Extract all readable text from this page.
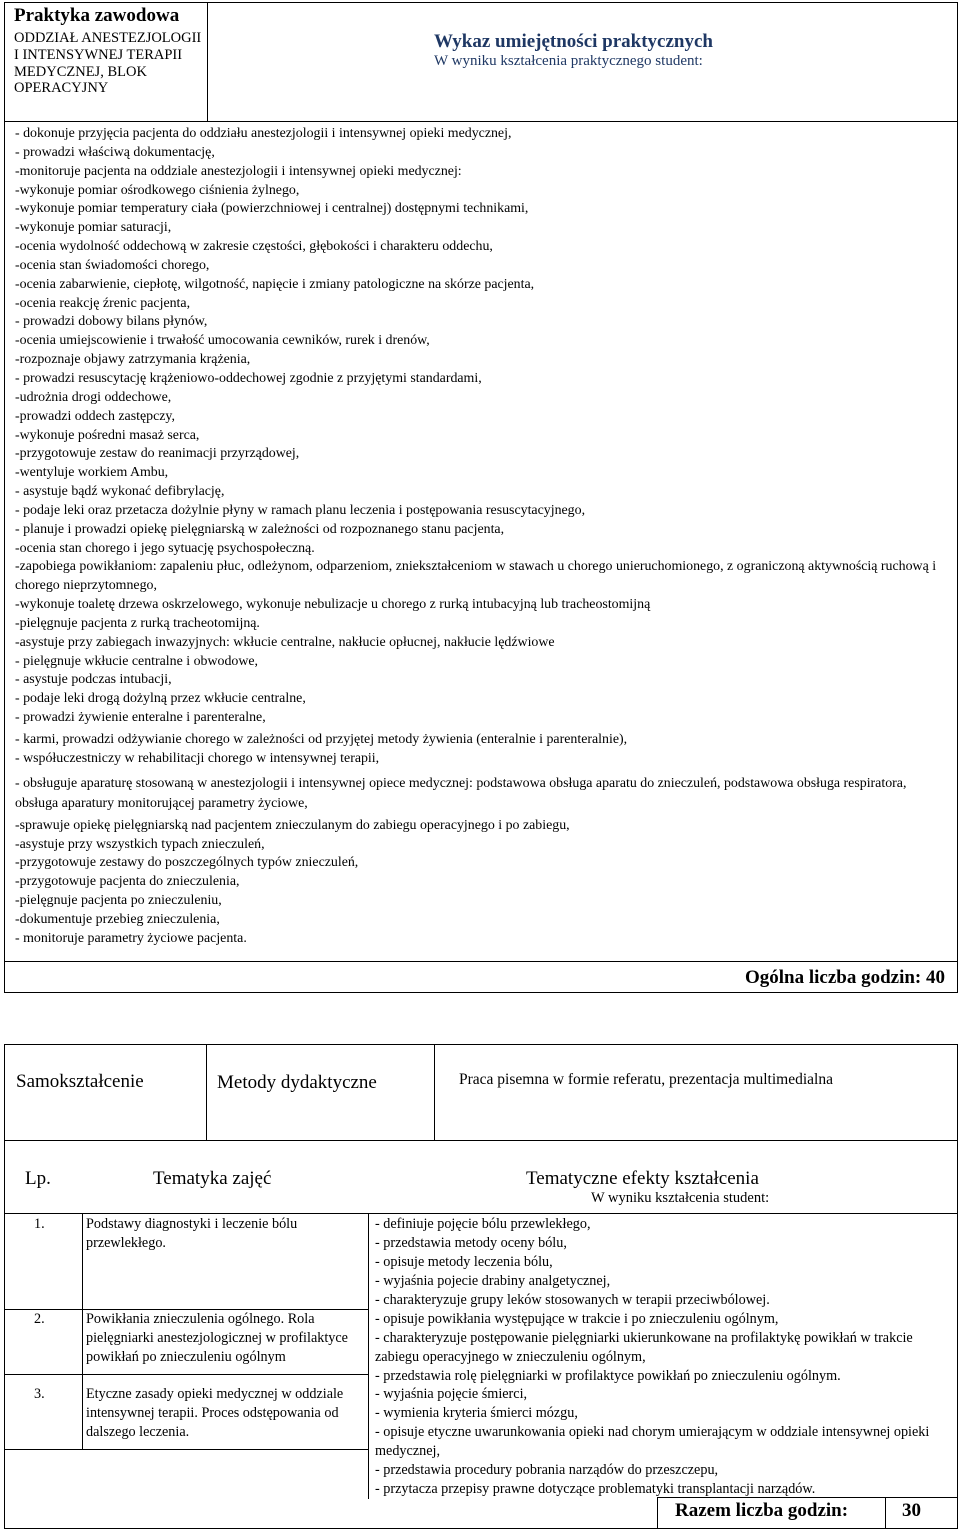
Praktyka zawodowa
ODDZIAŁ ANESTEZJOLOGII I INTENSYWNEJ TERAPII MEDYCZNEJ, BLOK OPERACYJNY
Wykaz umiejętności praktycznych
W wyniku kształcenia praktycznego student:
- dokonuje przyjęcia pacjenta do oddziału anestezjologii i intensywnej opieki medycznej,
- prowadzi właściwą dokumentację,
-monitoruje pacjenta na oddziale anestezjologii i intensywnej opieki medycznej:
-wykonuje pomiar ośrodkowego ciśnienia żylnego,
-wykonuje pomiar temperatury ciała (powierzchniowej i centralnej) dostępnymi technikami,
-wykonuje pomiar saturacji,
-ocenia wydolność oddechową w zakresie częstości, głębokości i charakteru oddechu,
-ocenia stan świadomości chorego,
-ocenia zabarwienie, ciepłotę, wilgotność, napięcie i zmiany patologiczne na skórze pacjenta,
-ocenia reakcję źrenic pacjenta,
- prowadzi dobowy bilans płynów,
-ocenia umiejscowienie i trwałość umocowania cewników, rurek i drenów,
-rozpoznaje objawy zatrzymania krążenia,
- prowadzi resuscytację krążeniowo-oddechowej zgodnie z przyjętymi standardami,
-udrożnia drogi oddechowe,
-prowadzi oddech zastępczy,
-wykonuje pośredni masaż serca,
-przygotowuje zestaw do reanimacji przyrządowej,
-wentyluje workiem Ambu,
- asystuje bądź wykonać defibrylację,
- podaje leki oraz przetacza dożylnie płyny w ramach planu leczenia i postępowania resuscytacyjnego,
- planuje i prowadzi opiekę pielęgniarską w zależności od rozpoznanego stanu pacjenta,
-ocenia stan chorego i jego sytuację psychospołeczną.
-zapobiega powikłaniom: zapaleniu płuc, odleżynom, odparzeniom, zniekształceniom w stawach u chorego unieruchomionego, z ograniczoną aktywnością ruchową i chorego nieprzytomnego,
-wykonuje toaletę drzewa oskrzelowego, wykonuje nebulizacje u chorego z rurką intubacyjną lub tracheostomijną
-pielęgnuje pacjenta z rurką tracheotomijną.
-asystuje przy zabiegach inwazyjnych: wkłucie centralne, nakłucie opłucnej, nakłucie lędźwiowe
- pielęgnuje wkłucie centralne i obwodowe,
- asystuje podczas intubacji,
- podaje leki drogą dożylną przez wkłucie centralne,
- prowadzi żywienie enteralne i parenteralne,
- karmi, prowadzi odżywianie chorego w zależności od przyjętej metody żywienia (enteralnie i parenteralnie),
- współuczestniczy w rehabilitacji chorego w intensywnej terapii,
- obsługuje aparaturę stosowaną w anestezjologii i intensywnej opiece medycznej: podstawowa obsługa aparatu do znieczuleń, podstawowa obsługa respiratora, obsługa aparatury monitorującej parametry życiowe,
-sprawuje opiekę pielęgniarską nad pacjentem znieczulanym do zabiegu operacyjnego i po zabiegu,
-asystuje przy wszystkich typach znieczuleń,
-przygotowuje zestawy do poszczególnych typów znieczuleń,
-przygotowuje pacjenta do znieczulenia,
-pielęgnuje pacjenta po znieczuleniu,
-dokumentuje przebieg znieczulenia,
- monitoruje parametry życiowe pacjenta.
Ogólna liczba godzin: 40
Samokształcenie	Metody dydaktyczne	Praca pisemna w formie referatu, prezentacja multimedialna
Lp.	Tematyka zajęć	Tematyczne efekty kształcenia
W wyniku kształcenia student:
1.	Podstawy diagnostyki i leczenie bólu przewlekłego.
- definiuje pojęcie bólu przewlekłego,
- przedstawia metody oceny bólu,
- opisuje metody leczenia bólu,
- wyjaśnia pojecie drabiny analgetycznej,
- charakteryzuje grupy leków stosowanych w terapii przeciwbólowej.
2.	Powikłania znieczulenia ogólnego. Rola pielęgniarki anestezjologicznej w profilaktyce powikłań po znieczuleniu ogólnym
- opisuje powikłania występujące w trakcie i po znieczuleniu ogólnym,
- charakteryzuje postępowanie pielęgniarki ukierunkowane na profilaktykę powikłań w trakcie zabiegu operacyjnego w znieczuleniu ogólnym,
- przedstawia rolę pielęgniarki w profilaktyce powikłań po znieczuleniu ogólnym.
3.	Etyczne zasady opieki medycznej w oddziale intensywnej terapii. Proces odstępowania od dalszego leczenia.
- wyjaśnia pojęcie śmierci,
- wymienia kryteria śmierci mózgu,
- opisuje etyczne uwarunkowania opieki nad chorym umierającym w oddziale intensywnej opieki medycznej,
- przedstawia procedury pobrania narządów do przeszczepu,
- przytacza przepisy prawne dotyczące problematyki transplantacji narządów.
Razem liczba godzin:	30
